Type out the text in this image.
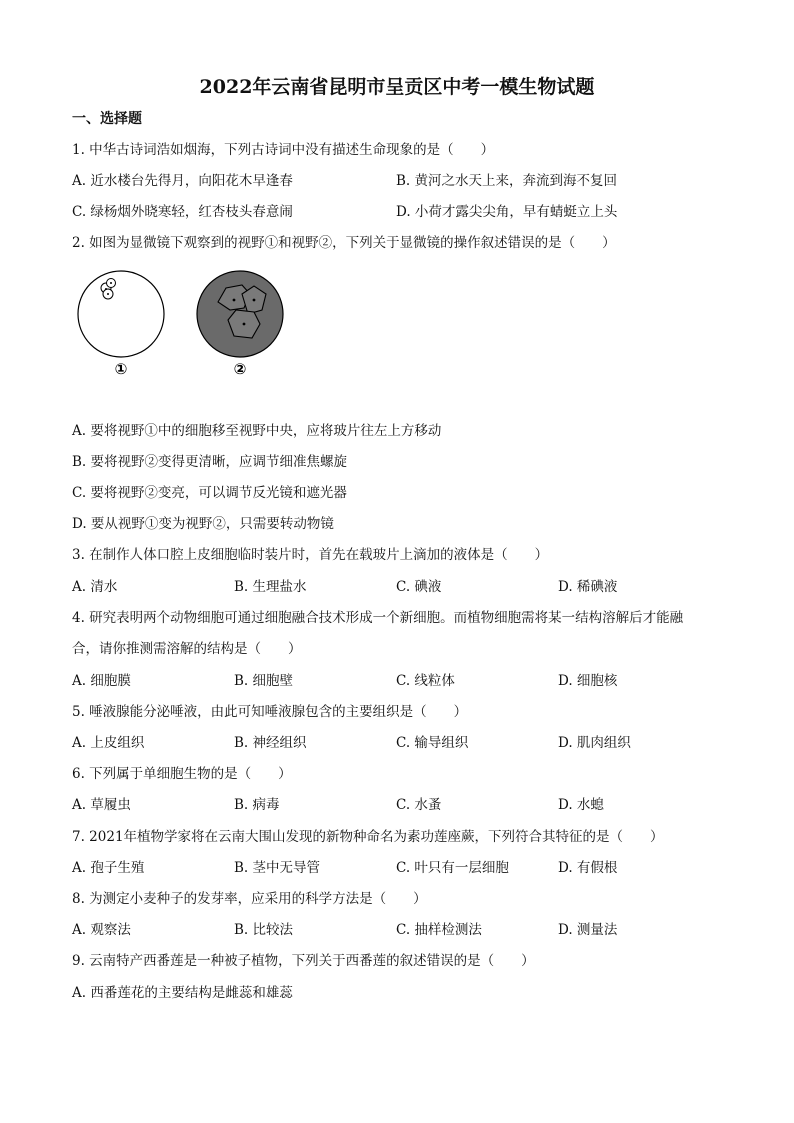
2022年云南省昆明市呈贡区中考一模生物试题
一、选择题
1. 中华古诗词浩如烟海，下列古诗词中没有描述生命现象的是（　　）
A. 近水楼台先得月，向阳花木早逢春	B. 黄河之水天上来，奔流到海不复回
C. 绿杨烟外晓寒轻，红杏枝头春意闹	D. 小荷才露尖尖角，早有蜻蜓立上头
2. 如图为显微镜下观察到的视野①和视野②，下列关于显微镜的操作叙述错误的是（　　）
①	②
A. 要将视野①中的细胞移至视野中央，应将玻片往左上方移动
B. 要将视野②变得更清晰，应调节细准焦螺旋
C. 要将视野②变亮，可以调节反光镜和遮光器
D. 要从视野①变为视野②，只需要转动物镜
3. 在制作人体口腔上皮细胞临时装片时，首先在载玻片上滴加的液体是（　　）
A. 清水	B. 生理盐水	C. 碘液	D. 稀碘液
4. 研究表明两个动物细胞可通过细胞融合技术形成一个新细胞。而植物细胞需将某一结构溶解后才能融
合，请你推测需溶解的结构是（　　）
A. 细胞膜	B. 细胞壁	C. 线粒体	D. 细胞核
5. 唾液腺能分泌唾液，由此可知唾液腺包含的主要组织是（　　）
A. 上皮组织	B. 神经组织	C. 输导组织	D. 肌肉组织
6. 下列属于单细胞生物的是（　　）
A. 草履虫	B. 病毒	C. 水蚤	D. 水螅
7. 2021年植物学家将在云南大围山发现的新物种命名为素功莲座蕨，下列符合其特征的是（　　）
A. 孢子生殖	B. 茎中无导管	C. 叶只有一层细胞	D. 有假根
8. 为测定小麦种子的发芽率，应采用的科学方法是（　　）
A. 观察法	B. 比较法	C. 抽样检测法	D. 测量法
9. 云南特产西番莲是一种被子植物，下列关于西番莲的叙述错误的是（　　）
A. 西番莲花的主要结构是雌蕊和雄蕊
